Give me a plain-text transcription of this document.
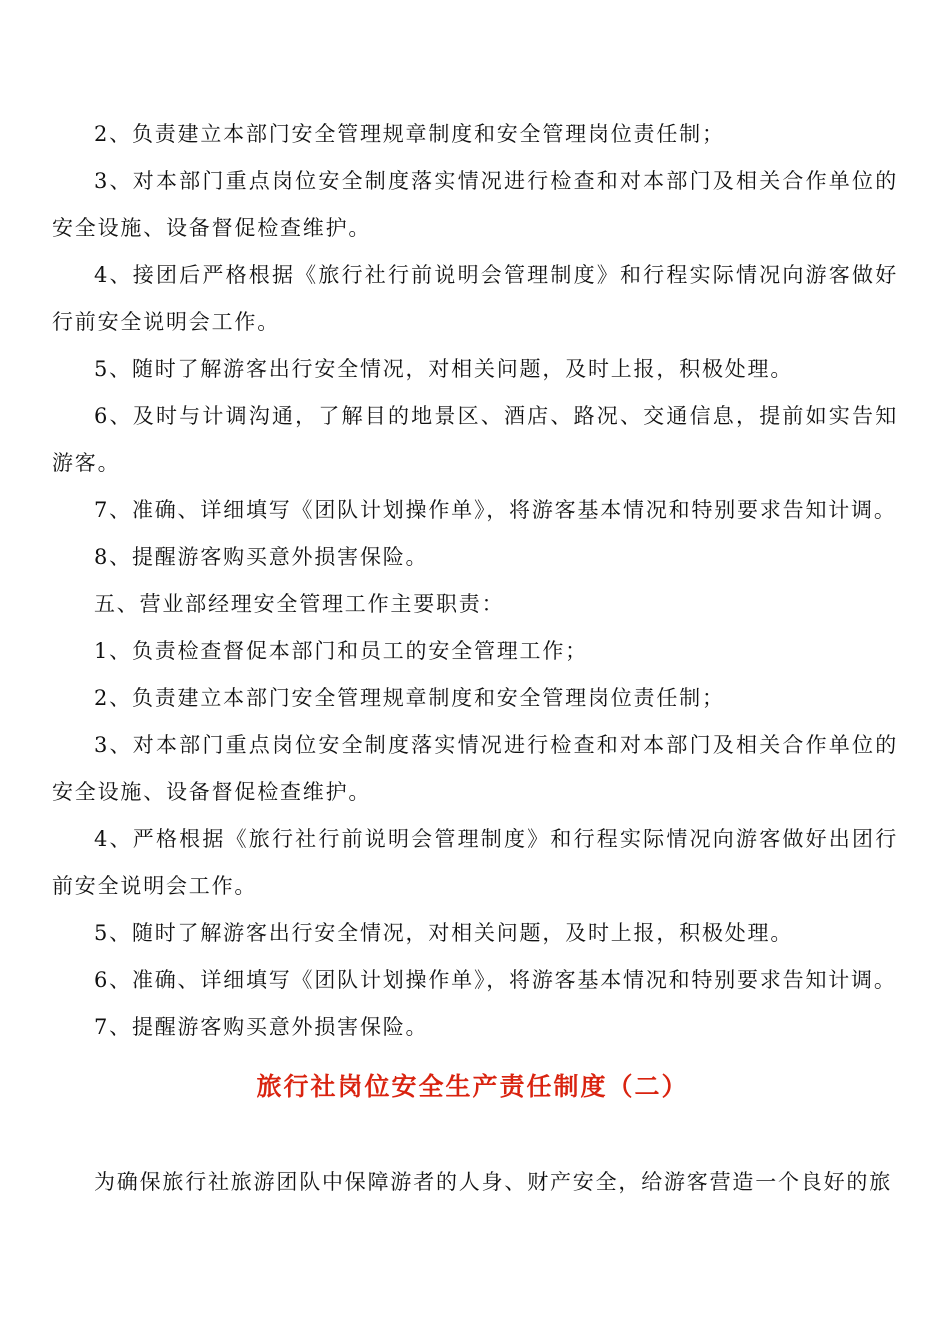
2、负责建立本部门安全管理规章制度和安全管理岗位责任制；

3、对本部门重点岗位安全制度落实情况进行检查和对本部门及相关合作单位的安全设施、设备督促检查维护。

4、接团后严格根据《旅行社行前说明会管理制度》和行程实际情况向游客做好行前安全说明会工作。

5、随时了解游客出行安全情况，对相关问题，及时上报，积极处理。

6、及时与计调沟通，了解目的地景区、酒店、路况、交通信息，提前如实告知游客。

7、准确、详细填写《团队计划操作单》，将游客基本情况和特别要求告知计调。

8、提醒游客购买意外损害保险。

五、营业部经理安全管理工作主要职责：

1、负责检查督促本部门和员工的安全管理工作；

2、负责建立本部门安全管理规章制度和安全管理岗位责任制；

3、对本部门重点岗位安全制度落实情况进行检查和对本部门及相关合作单位的安全设施、设备督促检查维护。

4、严格根据《旅行社行前说明会管理制度》和行程实际情况向游客做好出团行前安全说明会工作。

5、随时了解游客出行安全情况，对相关问题，及时上报，积极处理。

6、准确、详细填写《团队计划操作单》，将游客基本情况和特别要求告知计调。

7、提醒游客购买意外损害保险。

旅行社岗位安全生产责任制度（二）

为确保旅行社旅游团队中保障游者的人身、财产安全，给游客营造一个良好的旅
